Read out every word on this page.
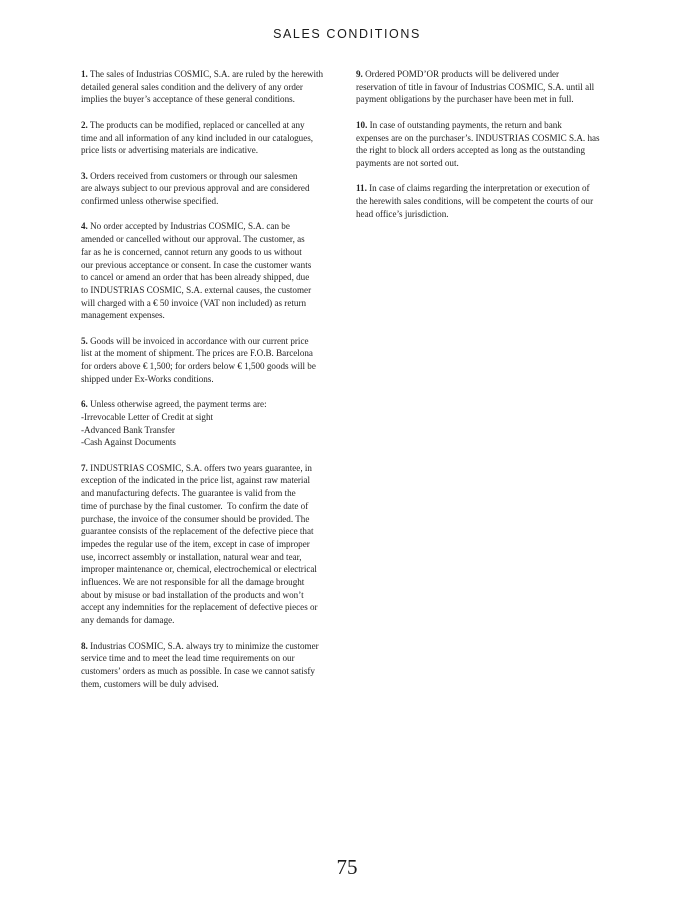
SALES CONDITIONS

1. The sales of Industrias COSMIC, S.A. are ruled by the herewith
detailed general sales condition and the delivery of any order
implies the buyer’s acceptance of these general conditions.

2. The products can be modified, replaced or cancelled at any
time and all information of any kind included in our catalogues,
price lists or advertising materials are indicative.

3. Orders received from customers or through our salesmen
are always subject to our previous approval and are considered
confirmed unless otherwise specified.

4. No order accepted by Industrias COSMIC, S.A. can be
amended or cancelled without our approval. The customer, as
far as he is concerned, cannot return any goods to us without
our previous acceptance or consent. In case the customer wants
to cancel or amend an order that has been already shipped, due
to INDUSTRIAS COSMIC, S.A. external causes, the customer
will charged with a € 50 invoice (VAT non included) as return
management expenses.

5. Goods will be invoiced in accordance with our current price
list at the moment of shipment. The prices are F.O.B. Barcelona
for orders above € 1,500; for orders below € 1,500 goods will be
shipped under Ex-Works conditions.

6. Unless otherwise agreed, the payment terms are:
-Irrevocable Letter of Credit at sight
-Advanced Bank Transfer
-Cash Against Documents

7. INDUSTRIAS COSMIC, S.A. offers two years guarantee, in
exception of the indicated in the price list, against raw material
and manufacturing defects. The guarantee is valid from the
time of purchase by the final customer.  To confirm the date of
purchase, the invoice of the consumer should be provided. The
guarantee consists of the replacement of the defective piece that
impedes the regular use of the item, except in case of improper
use, incorrect assembly or installation, natural wear and tear,
improper maintenance or, chemical, electrochemical or electrical
influences. We are not responsible for all the damage brought
about by misuse or bad installation of the products and won’t
accept any indemnities for the replacement of defective pieces or
any demands for damage.

8. Industrias COSMIC, S.A. always try to minimize the customer
service time and to meet the lead time requirements on our
customers’ orders as much as possible. In case we cannot satisfy
them, customers will be duly advised.

9. Ordered POMD’OR products will be delivered under
reservation of title in favour of Industrias COSMIC, S.A. until all
payment obligations by the purchaser have been met in full.

10. In case of outstanding payments, the return and bank
expenses are on the purchaser’s. INDUSTRIAS COSMIC S.A. has
the right to block all orders accepted as long as the outstanding
payments are not sorted out.

11. In case of claims regarding the interpretation or execution of
the herewith sales conditions, will be competent the courts of our
head office’s jurisdiction.

75
